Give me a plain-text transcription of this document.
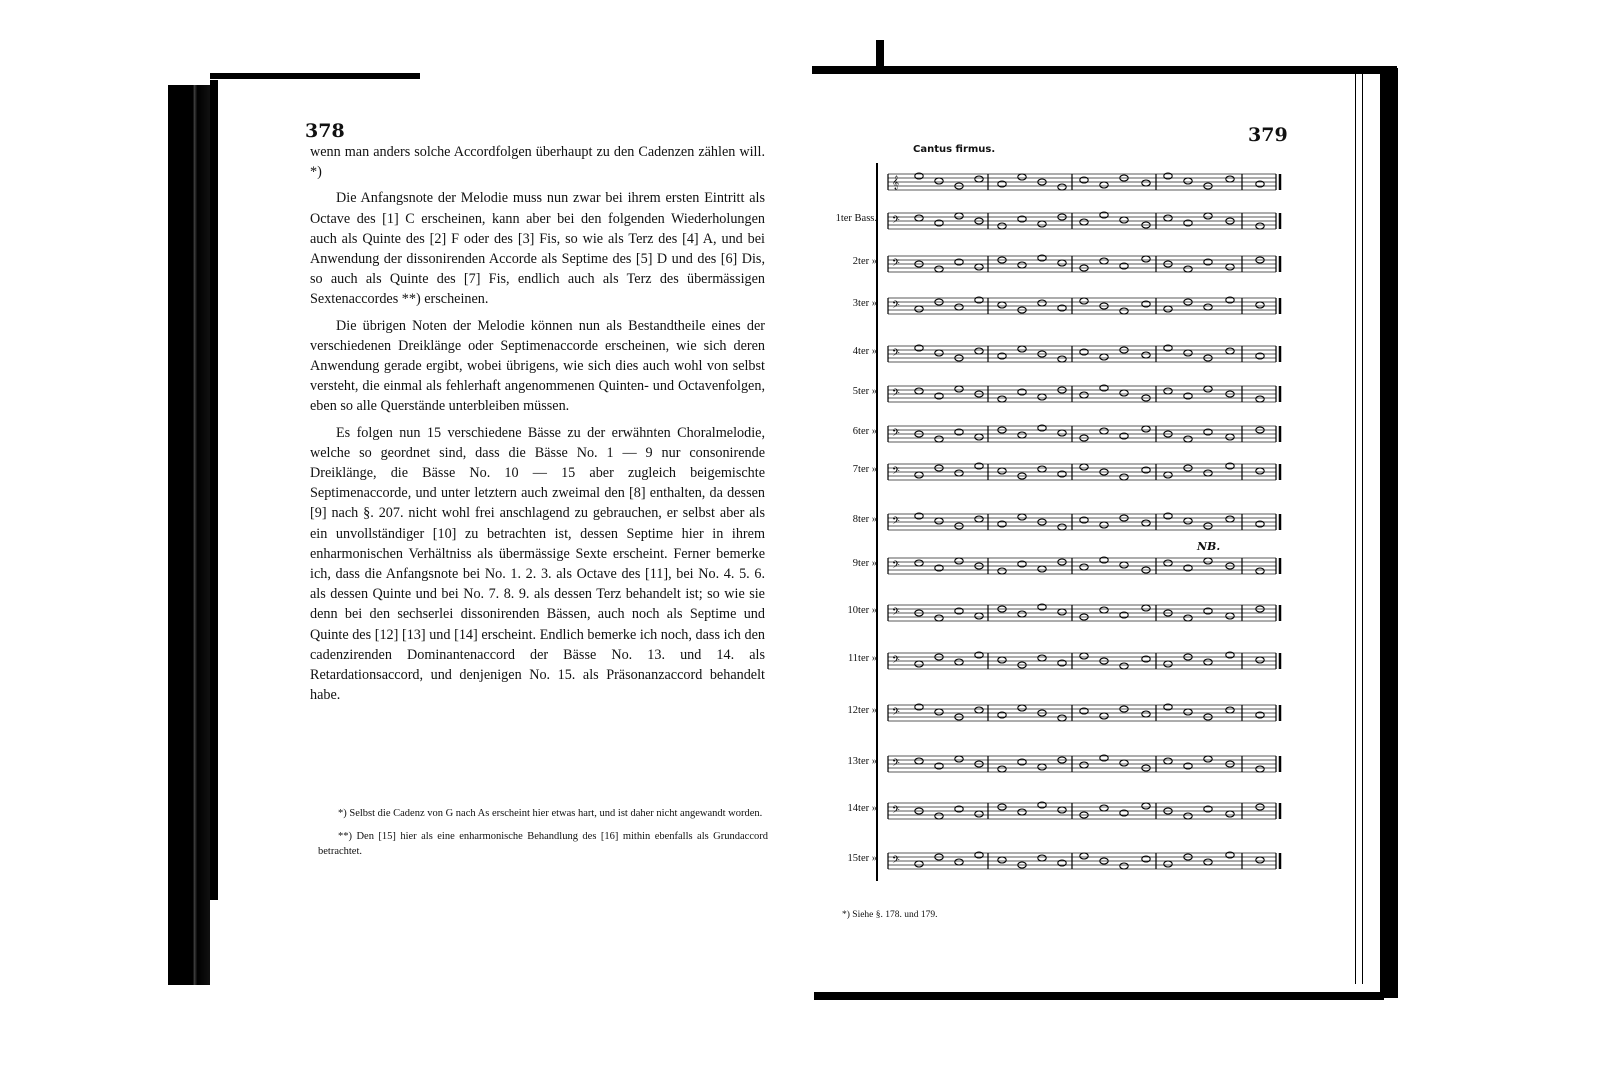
378

wenn man anders solche Accordfolgen überhaupt zu den Cadenzen zählen will. *)

Die Anfangsnote der Melodie muss nun zwar bei ihrem ersten Eintritt als Octave des [1] C erscheinen, kann aber bei den folgenden Wiederholungen auch als Quinte des [2] F oder des [3] Fis, so wie als Terz des [4] A, und bei Anwendung der dissonirenden Accorde als Septime des [5] D und des [6] Dis, so auch als Quinte des [7] Fis, endlich auch als Terz des übermässigen Sextenaccordes **) erscheinen.

Die übrigen Noten der Melodie können nun als Bestandtheile eines der verschiedenen Dreiklänge oder Septimenaccorde erscheinen, wie sich deren Anwendung gerade ergibt, wobei übrigens, wie sich dies auch wohl von selbst versteht, die einmal als fehlerhaft angenommenen Quinten- und Octavenfolgen, eben so alle Querstände unterbleiben müssen.

Es folgen nun 15 verschiedene Bässe zu der erwähnten Choralmelodie, welche so geordnet sind, dass die Bässe No. 1 — 9 nur consonirende Dreiklänge, die Bässe No. 10 — 15 aber zugleich beigemischte Septimenaccorde, und unter letztern auch zweimal den [8] enthalten, da dessen [9] nach §. 207. nicht wohl frei anschlagend zu gebrauchen, er selbst aber als ein unvollständiger [10] zu betrachten ist, dessen Septime hier in ihrem enharmonischen Verhältniss als übermässige Sexte erscheint. Ferner bemerke ich, dass die Anfangsnote bei No. 1. 2. 3. als Octave des [11], bei No. 4. 5. 6. als dessen Quinte und bei No. 7. 8. 9. als dessen Terz behandelt ist; so wie sie denn bei den sechserlei dissonirenden Bässen, auch noch als Septime und Quinte des [12] [13] und [14] erscheint. Endlich bemerke ich noch, dass ich den cadenzirenden Dominantenaccord der Bässe No. 13. und 14. als Retardationsaccord, und denjenigen No. 15. als Präsonanzaccord behandelt habe.

*) Selbst die Cadenz von G nach As erscheint hier etwas hart, und ist daher nicht angewandt worden.

**) Den [15] hier als eine enharmonische Behandlung des [16] mithin ebenfalls als Grundaccord betrachtet.

379
Cantus firmus.
𝄞
1ter Bass. 𝄢
2ter » 𝄢
3ter » 𝄢
4ter » 𝄢
5ter » 𝄢
6ter » 𝄢
7ter » 𝄢
8ter » 𝄢
9ter » 𝄢
10ter » 𝄢
11ter » 𝄢
12ter » 𝄢
13ter » 𝄢
14ter » 𝄢
15ter » 𝄢
NB.
*) Siehe §. 178. und 179.
